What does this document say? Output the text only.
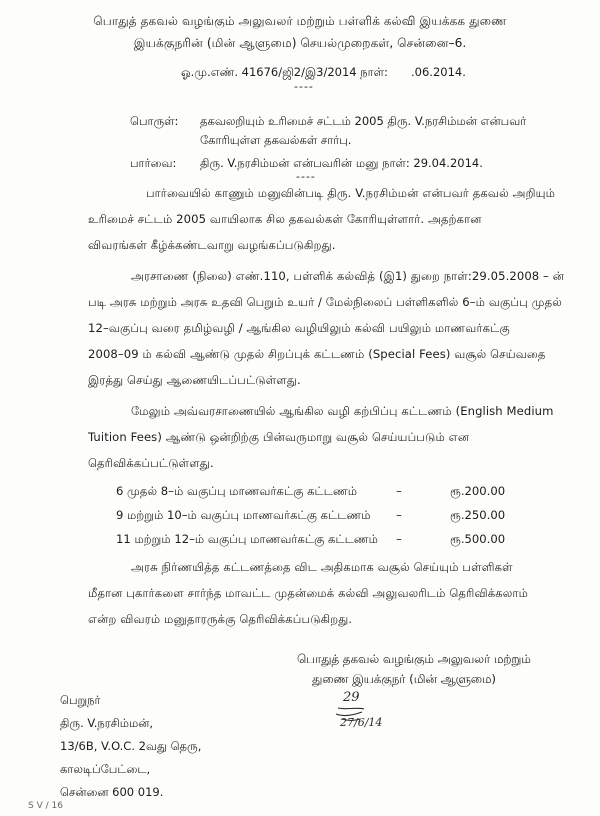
பொதுத் தகவல் வழங்கும் அலுவலர் மற்றும் பள்ளிக் கல்வி இயக்கக துணை
இயக்குநரின் (மின் ஆளுமை) செயல்முறைகள், சென்னை–6.
ஓ.மு.எண். 41676/ஜி2/இ3/2014 நாள்: .06.2014.
----
பொருள்: தகவலறியும் உரிமைச் சட்டம் 2005 திரு. V.நரசிம்மன் என்பவர்
கோரியுள்ள தகவல்கள் சார்பு.
பார்வை: திரு. V.நரசிம்மன் என்பவரின் மனு நாள்: 29.04.2014.
----
பார்வையில் காணும் மனுவின்படி திரு. V.நரசிம்மன் என்பவர் தகவல் அறியும்
உரிமைச் சட்டம் 2005 வாயிலாக சில தகவல்கள் கோரியுள்ளார். அதற்கான
விவரங்கள் கீழ்க்கண்டவாறு வழங்கப்படுகிறது.
அரசாணை (நிலை) எண்.110, பள்ளிக் கல்வித் (இ1) துறை நாள்:29.05.2008 – ன்
படி அரசு மற்றும் அரசு உதவி பெறும் உயர் / மேல்நிலைப் பள்ளிகளில் 6–ம் வகுப்பு முதல்
12–வகுப்பு வரை தமிழ்வழி / ஆங்கில வழியிலும் கல்வி பயிலும் மாணவர்கட்கு
2008–09 ம் கல்வி ஆண்டு முதல் சிறப்புக் கட்டணம் (Special Fees) வசூல் செய்வதை
இரத்து செய்து ஆணையிடப்பட்டுள்ளது.
மேலும் அவ்வரசாணையில் ஆங்கில வழி கற்பிப்பு கட்டணம் (English Medium
Tuition Fees) ஆண்டு ஒன்றிற்கு பின்வருமாறு வசூல் செய்யப்படும் என
தெரிவிக்கப்பட்டுள்ளது.
6 முதல் 8–ம் வகுப்பு மாணவர்கட்கு கட்டணம்	–	ரூ.200.00
9 மற்றும் 10–ம் வகுப்பு மாணவர்கட்கு கட்டணம் –	ரூ.250.00
11 மற்றும் 12–ம் வகுப்பு மாணவர்கட்கு கட்டணம் –	ரூ.500.00
அரசு நிர்ணயித்த கட்டணத்தை விட அதிகமாக வசூல் செய்யும் பள்ளிகள்
மீதான புகார்களை சார்ந்த மாவட்ட முதன்மைக் கல்வி அலுவலரிடம் தெரிவிக்கலாம்
என்ற விவரம் மனுதாரருக்கு தெரிவிக்கப்படுகிறது.
பொதுத் தகவல் வழங்கும் அலுவலர் மற்றும்
துணை இயக்குநர் (மின் ஆளுமை)
29
27/6/14
பெறுநர்
திரு. V.நரசிம்மன்,
13/6B, V.O.C. 2வது தெரு,
காலடிப்பேட்டை,
சென்னை 600 019.
S V / 16
